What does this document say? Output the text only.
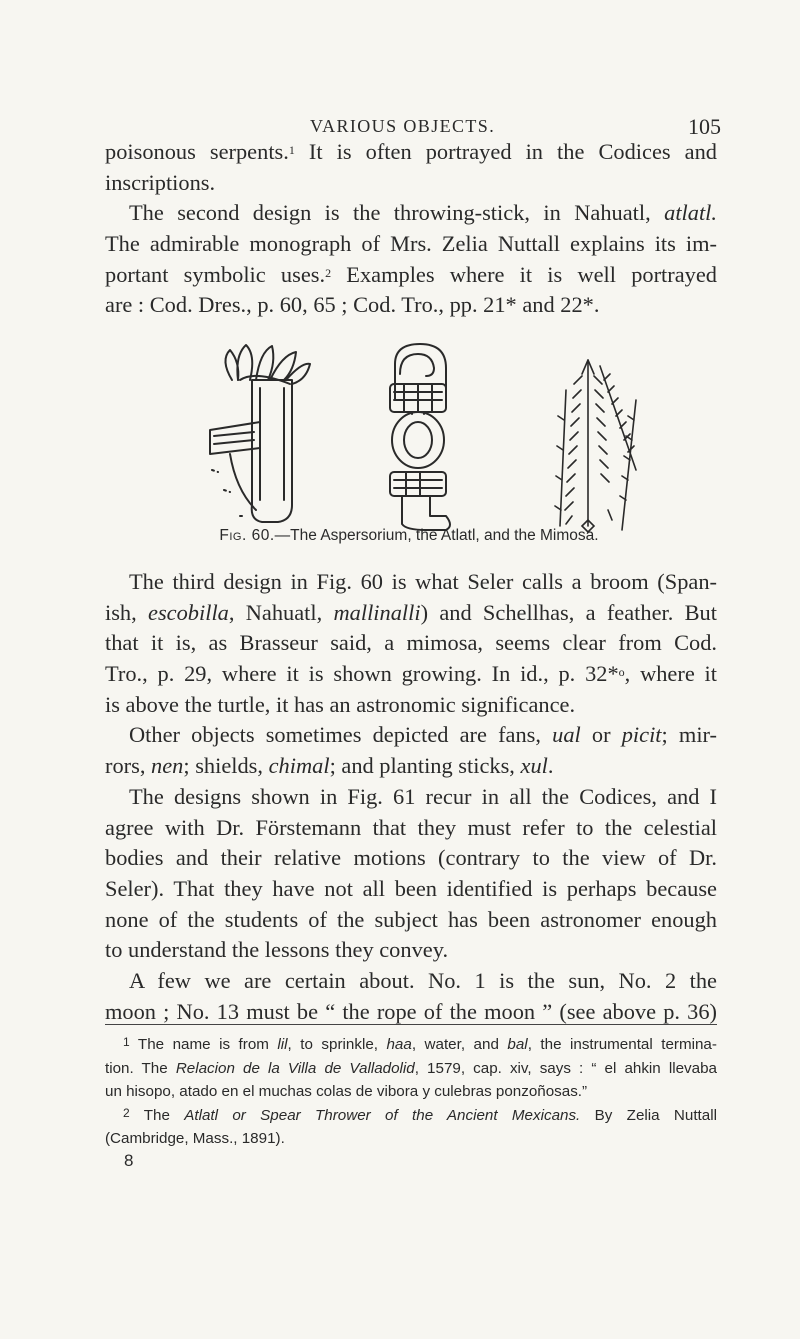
VARIOUS OBJECTS.	105
poisonous serpents.$^1$ It is often portrayed in the Codices and
inscriptions.
The second design is the throwing-stick, in Nahuatl, atlatl.
The admirable monograph of Mrs. Zelia Nuttall explains its im-
portant symbolic uses.$^2$ Examples where it is well portrayed
are : Cod. Dres., p. 60, 65 ; Cod. Tro., pp. 21* and 22*.
Fig. 60.—The Aspersorium, the Atlatl, and the Mimosa.
The third design in Fig. 60 is what Seler calls a broom (Span-
ish, escobilla, Nahuatl, mallinalli) and Schellhas, a feather. But
that it is, as Brasseur said, a mimosa, seems clear from Cod.
Tro., p. 29, where it is shown growing. In id., p. 32*$^o$, where it
is above the turtle, it has an astronomic significance.
Other objects sometimes depicted are fans, ual or picit; mir-
rors, nen; shields, chimal; and planting sticks, xul.
The designs shown in Fig. 61 recur in all the Codices, and I
agree with Dr. Förstemann that they must refer to the celestial
bodies and their relative motions (contrary to the view of Dr.
Seler). That they have not all been identified is perhaps because
none of the students of the subject has been astronomer enough
to understand the lessons they convey.
A few we are certain about. No. 1 is the sun, No. 2 the
moon ; No. 13 must be “ the rope of the moon ” (see above p. 36)
$^1$ The name is from lil, to sprinkle, haa, water, and bal, the instrumental termina-
tion. The Relacion de la Villa de Valladolid, 1579, cap. xiv, says : “ el ahkin llevaba
un hisopo, atado en el muchas colas de vibora y culebras ponzoñosas.”
$^2$ The Atlatl or Spear Thrower of the Ancient Mexicans. By Zelia Nuttall
(Cambridge, Mass., 1891).
8
